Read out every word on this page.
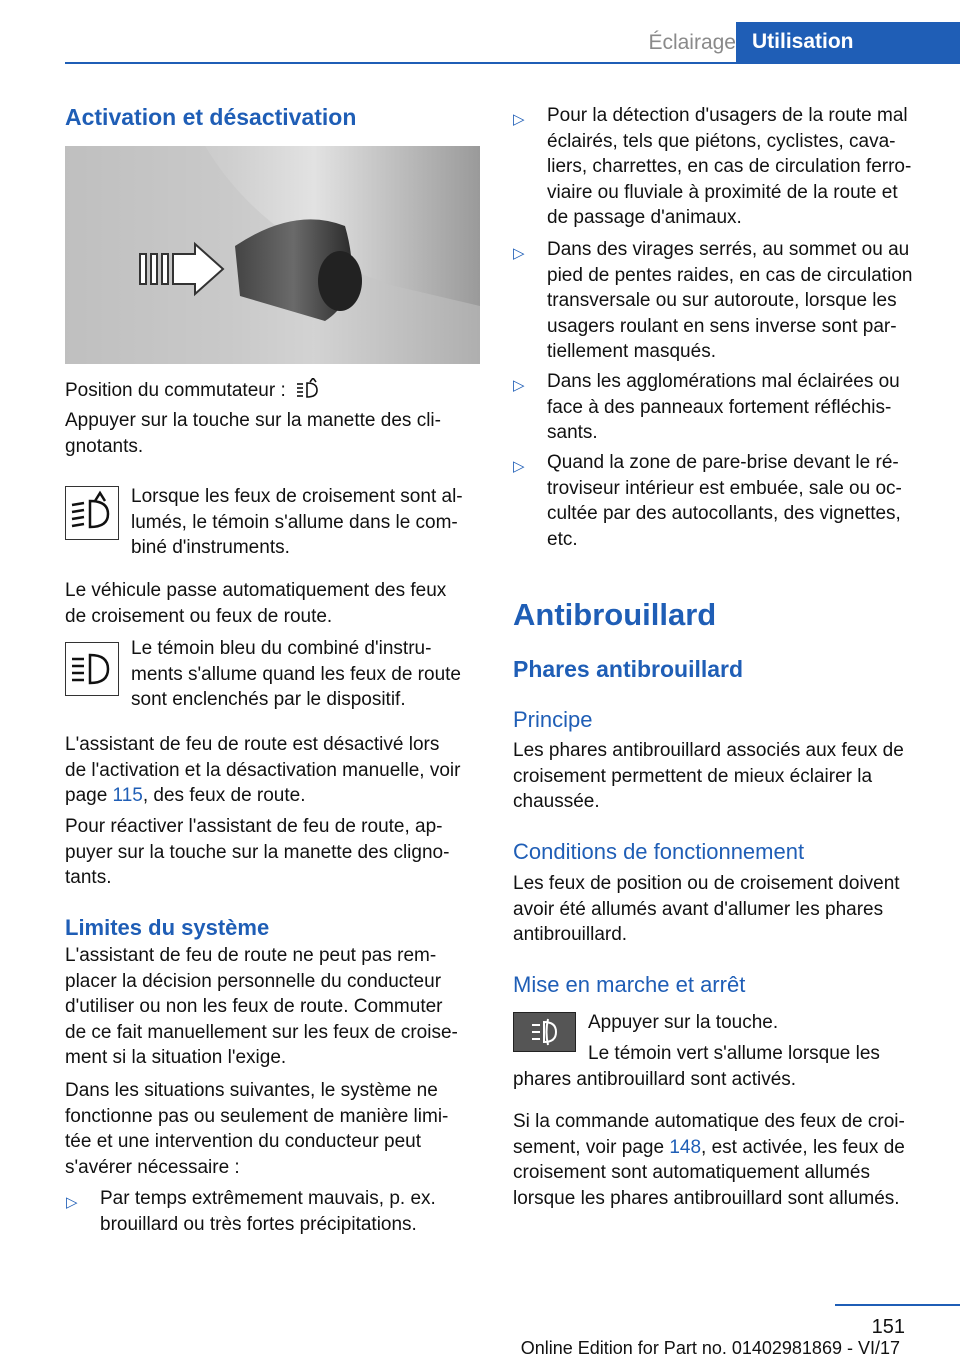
Éclairage Utilisation
Activation et désactivation
Position du commutateur :
Appuyer sur la touche sur la manette des cli-
gnotants.
Lorsque les feux de croisement sont al-
lumés, le témoin s'allume dans le com-
biné d'instruments.
Le véhicule passe automatiquement des feux
de croisement ou feux de route.
Le témoin bleu du combiné d'instru-
ments s'allume quand les feux de route
sont enclenchés par le dispositif.
L'assistant de feu de route est désactivé lors
de l'activation et la désactivation manuelle, voir
page 115, des feux de route.
Pour réactiver l'assistant de feu de route, ap-
puyer sur la touche sur la manette des cligno-
tants.
Limites du système
L'assistant de feu de route ne peut pas rem-
placer la décision personnelle du conducteur
d'utiliser ou non les feux de route. Commuter
de ce fait manuellement sur les feux de croise-
ment si la situation l'exige.
Dans les situations suivantes, le système ne
fonctionne pas ou seulement de manière limi-
tée et une intervention du conducteur peut
s'avérer nécessaire :
▷ Par temps extrêmement mauvais, p. ex.
brouillard ou très fortes précipitations.
▷ Pour la détection d'usagers de la route mal
éclairés, tels que piétons, cyclistes, cava-
liers, charrettes, en cas de circulation ferro-
viaire ou fluviale à proximité de la route et
de passage d'animaux.
▷ Dans des virages serrés, au sommet ou au
pied de pentes raides, en cas de circulation
transversale ou sur autoroute, lorsque les
usagers roulant en sens inverse sont par-
tiellement masqués.
▷ Dans les agglomérations mal éclairées ou
face à des panneaux fortement réfléchis-
sants.
▷ Quand la zone de pare-brise devant le ré-
troviseur intérieur est embuée, sale ou oc-
cultée par des autocollants, des vignettes,
etc.
Antibrouillard
Phares antibrouillard
Principe
Les phares antibrouillard associés aux feux de
croisement permettent de mieux éclairer la
chaussée.
Conditions de fonctionnement
Les feux de position ou de croisement doivent
avoir été allumés avant d'allumer les phares
antibrouillard.
Mise en marche et arrêt
Appuyer sur la touche.
Le témoin vert s'allume lorsque les
phares antibrouillard sont activés.
Si la commande automatique des feux de croi-
sement, voir page 148, est activée, les feux de
croisement sont automatiquement allumés
lorsque les phares antibrouillard sont allumés.
151
Online Edition for Part no. 01402981869 - VI/17
